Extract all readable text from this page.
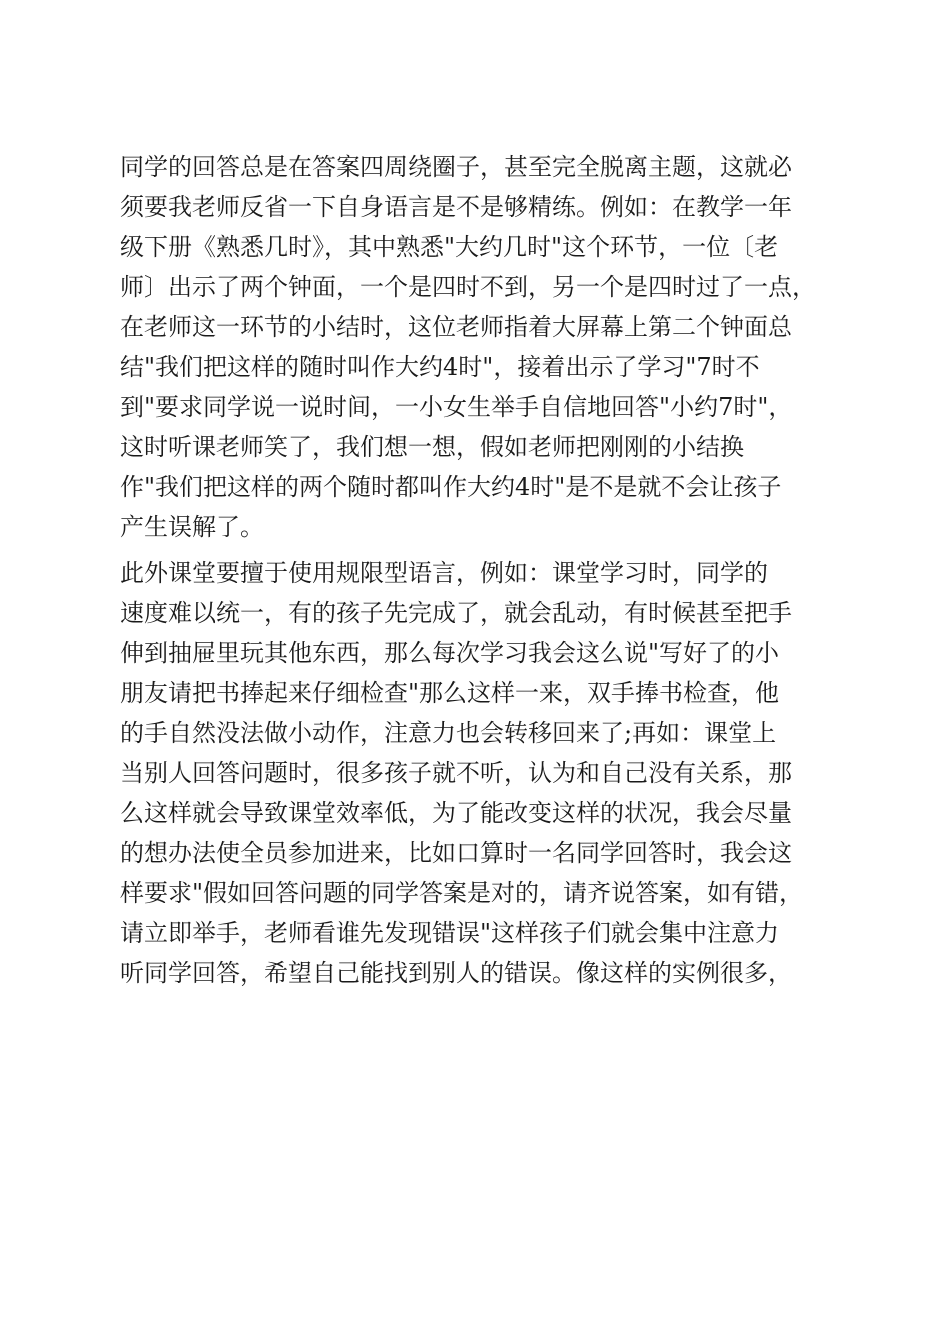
同学的回答总是在答案四周绕圈子，甚至完全脱离主题，这就必
须要我老师反省一下自身语言是不是够精练。例如：在教学一年
级下册《熟悉几时》，其中熟悉"大约几时"这个环节，一位〔老
师〕出示了两个钟面，一个是四时不到，另一个是四时过了一点，
在老师这一环节的小结时，这位老师指着大屏幕上第二个钟面总
结"我们把这样的随时叫作大约4时"，接着出示了学习"7时不
到"要求同学说一说时间，一小女生举手自信地回答"小约7时"，
这时听课老师笑了，我们想一想，假如老师把刚刚的小结换
作"我们把这样的两个随时都叫作大约4时"是不是就不会让孩子
产生误解了。
此外课堂要擅于使用规限型语言，例如：课堂学习时，同学的
速度难以统一，有的孩子先完成了，就会乱动，有时候甚至把手
伸到抽屉里玩其他东西，那么每次学习我会这么说"写好了的小
朋友请把书捧起来仔细检查"那么这样一来，双手捧书检查，他
的手自然没法做小动作，注意力也会转移回来了;再如：课堂上
当别人回答问题时，很多孩子就不听，认为和自己没有关系，那
么这样就会导致课堂效率低，为了能改变这样的状况，我会尽量
的想办法使全员参加进来，比如口算时一名同学回答时，我会这
样要求"假如回答问题的同学答案是对的，请齐说答案，如有错，
请立即举手，老师看谁先发现错误"这样孩子们就会集中注意力
听同学回答，希望自己能找到别人的错误。像这样的实例很多，
